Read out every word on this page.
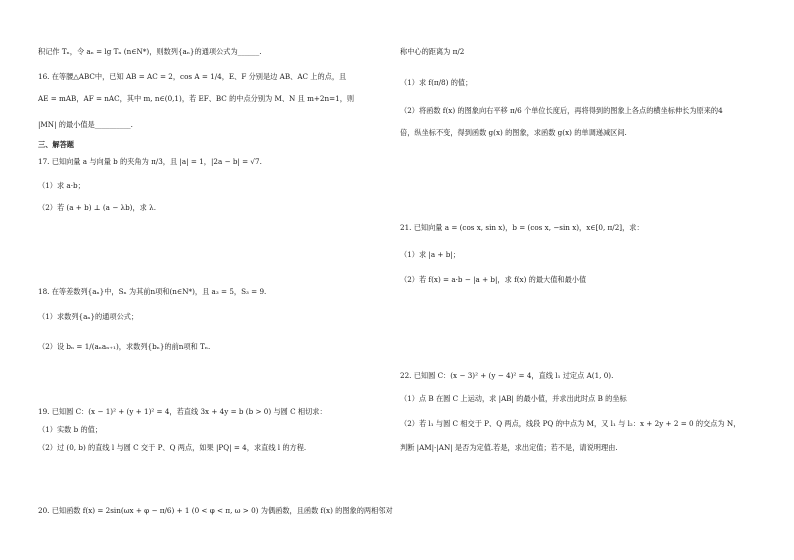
积记作 Tₙ，令 aₙ = lg Tₙ (n∈N*)，则数列{aₙ}的通项公式为______.
16. 在等腰△ABC中，已知 AB = AC = 2，cos A = 1/4，E、F 分别是边 AB、AC 上的点，且
AE = mAB，AF = nAC，其中 m, n∈(0,1)，若 EF、BC 的中点分别为 M、N 且 m+2n=1，则
|MN| 的最小值是__________.
三、解答题
17. 已知向量 a 与向量 b 的夹角为 π/3，且 |a| = 1，|2a − b| = √7.
（1）求 a·b；
（2）若 (a + b) ⊥ (a − λb)，求 λ.
18. 在等差数列{aₙ}中，Sₙ 为其前n项和(n∈N*)，且 a₃ = 5，S₃ = 9.
（1）求数列{aₙ}的通项公式；
（2）设 bₙ = 1/(aₙaₙ₊₁)，求数列{bₙ}的前n项和 Tₙ.
19. 已知圆 C：(x − 1)² + (y + 1)² = 4，若直线 3x + 4y = b (b > 0) 与圆 C 相切求：
（1）实数 b 的值；
（2）过 (0, b) 的直线 l 与圆 C 交于 P、Q 两点，如果 |PQ| = 4，求直线 l 的方程.
20. 已知函数 f(x) = 2sin(ωx + φ − π/6) + 1 (0 < φ < π, ω > 0) 为偶函数，且函数 f(x) 的图象的两相邻对
称中心的距离为 π/2
（1）求 f(π/8) 的值；
（2）将函数 f(x) 的图象向右平移 π/6 个单位长度后，再将得到的图象上各点的横坐标伸长为原来的4
倍，纵坐标不变，得到函数 g(x) 的图象，求函数 g(x) 的单调递减区间.
21. 已知向量 a = (cos x, sin x)，b = (cos x, −sin x)，x∈[0, π/2]，求：
（1）求 |a + b|；
（2）若 f(x) = a·b − |a + b|，求 f(x) 的最大值和最小值
22. 已知圆 C：(x − 3)² + (y − 4)² = 4，直线 l₁ 过定点 A(1, 0).
（1）点 B 在圆 C 上运动，求 |AB| 的最小值，并求出此时点 B 的坐标
（2）若 l₁ 与圆 C 相交于 P、Q 两点，线段 PQ 的中点为 M，又 l₁ 与 l₂：x + 2y + 2 = 0 的交点为 N，
判断 |AM|·|AN| 是否为定值.若是，求出定值；若不是，请说明理由.
